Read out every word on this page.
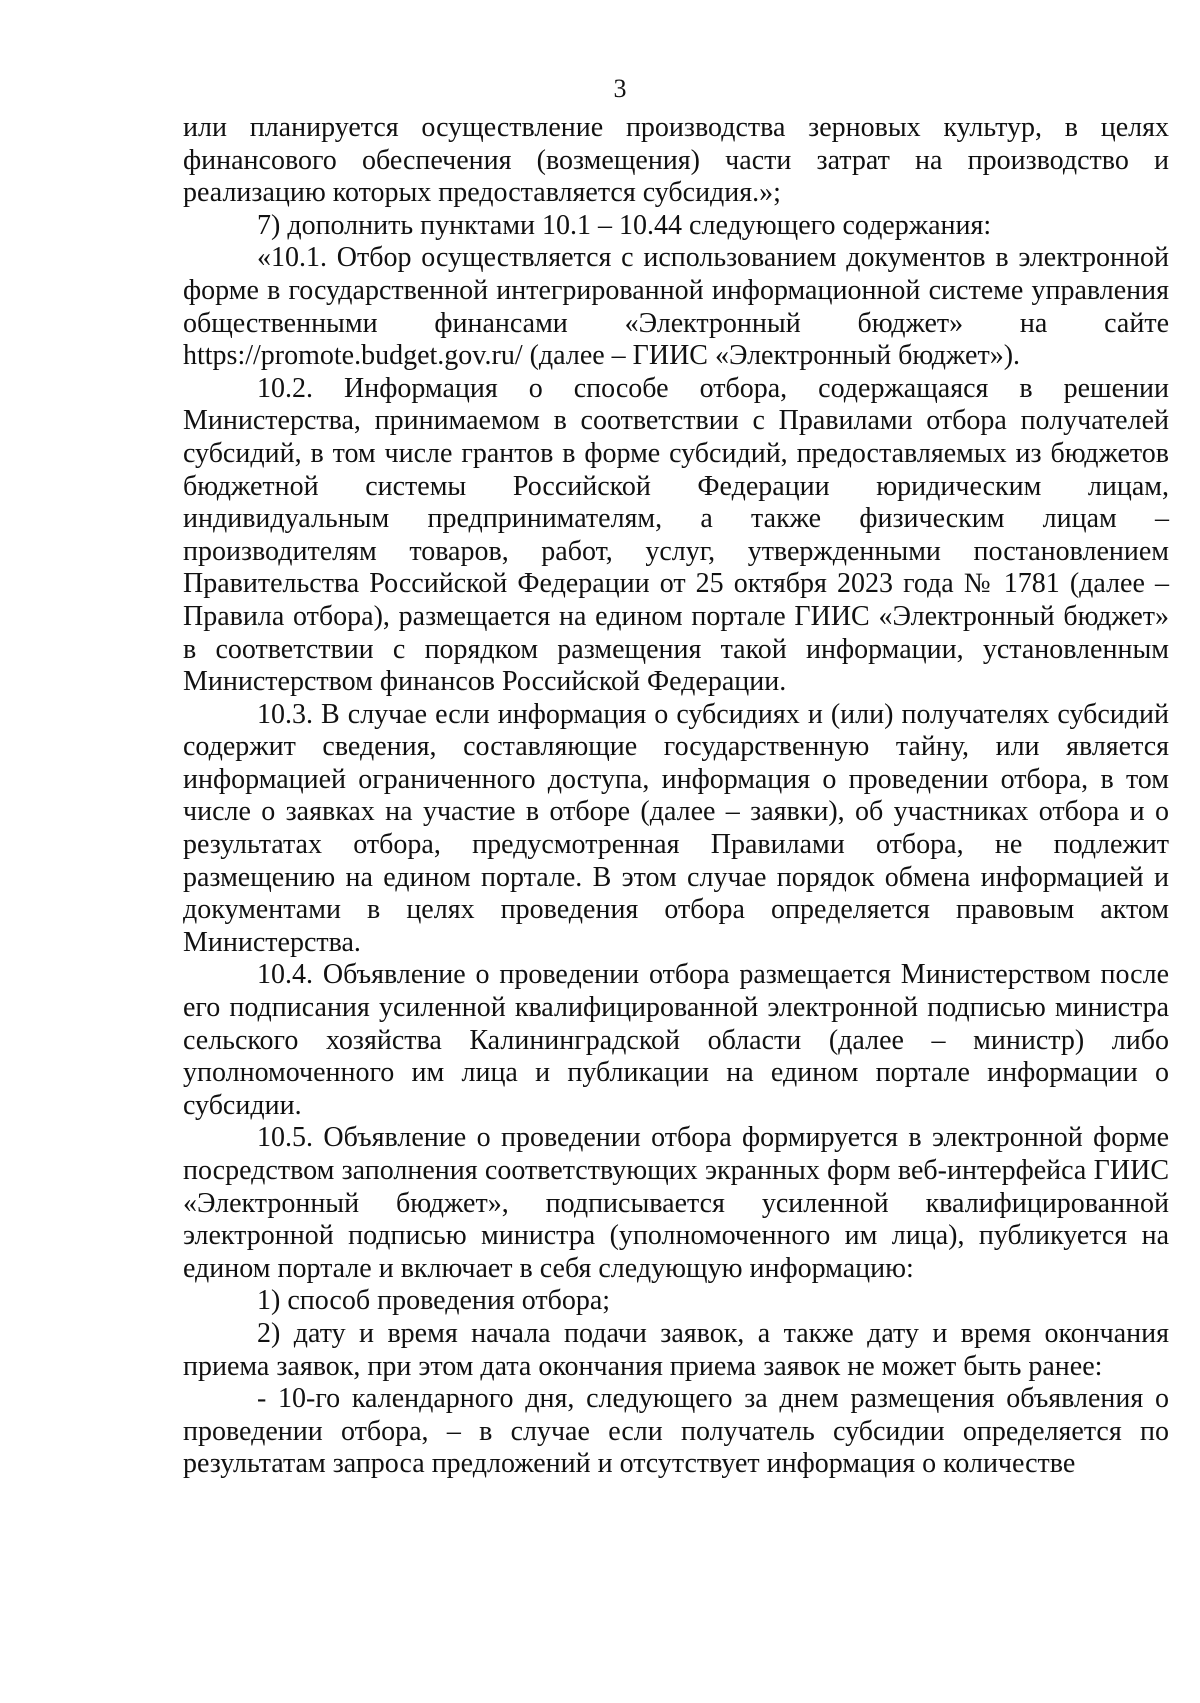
3

или планируется осуществление производства зерновых культур, в целях финансового обеспечения (возмещения) части затрат на производство и реализацию которых предоставляется субсидия.»;

7) дополнить пунктами 10.1 – 10.44 следующего содержания:

«10.1. Отбор осуществляется с использованием документов в электронной форме в государственной интегрированной информационной системе управления общественными финансами «Электронный бюджет» на сайте https://promote.budget.gov.ru/ (далее – ГИИС «Электронный бюджет»).

10.2. Информация о способе отбора, содержащаяся в решении Министерства, принимаемом в соответствии с Правилами отбора получателей субсидий, в том числе грантов в форме субсидий, предоставляемых из бюджетов бюджетной системы Российской Федерации юридическим лицам, индивидуальным предпринимателям, а также физическим лицам – производителям товаров, работ, услуг, утвержденными постановлением Правительства Российской Федерации от 25 октября 2023 года № 1781 (далее – Правила отбора), размещается на едином портале ГИИС «Электронный бюджет» в соответствии с порядком размещения такой информации, установленным Министерством финансов Российской Федерации.

10.3. В случае если информация о субсидиях и (или) получателях субсидий содержит сведения, составляющие государственную тайну, или является информацией ограниченного доступа, информация о проведении отбора, в том числе о заявках на участие в отборе (далее – заявки), об участниках отбора и о результатах отбора, предусмотренная Правилами отбора, не подлежит размещению на едином портале. В этом случае порядок обмена информацией и документами в целях проведения отбора определяется правовым актом Министерства.

10.4. Объявление о проведении отбора размещается Министерством после его подписания усиленной квалифицированной электронной подписью министра сельского хозяйства Калининградской области (далее – министр) либо уполномоченного им лица и публикации на едином портале информации о субсидии.

10.5. Объявление о проведении отбора формируется в электронной форме посредством заполнения соответствующих экранных форм веб-интерфейса ГИИС «Электронный бюджет», подписывается усиленной квалифицированной электронной подписью министра (уполномоченного им лица), публикуется на едином портале и включает в себя следующую информацию:

1) способ проведения отбора;

2) дату и время начала подачи заявок, а также дату и время окончания приема заявок, при этом дата окончания приема заявок не может быть ранее:

- 10-го календарного дня, следующего за днем размещения объявления о проведении отбора, – в случае если получатель субсидии определяется по результатам запроса предложений и отсутствует информация о количестве
